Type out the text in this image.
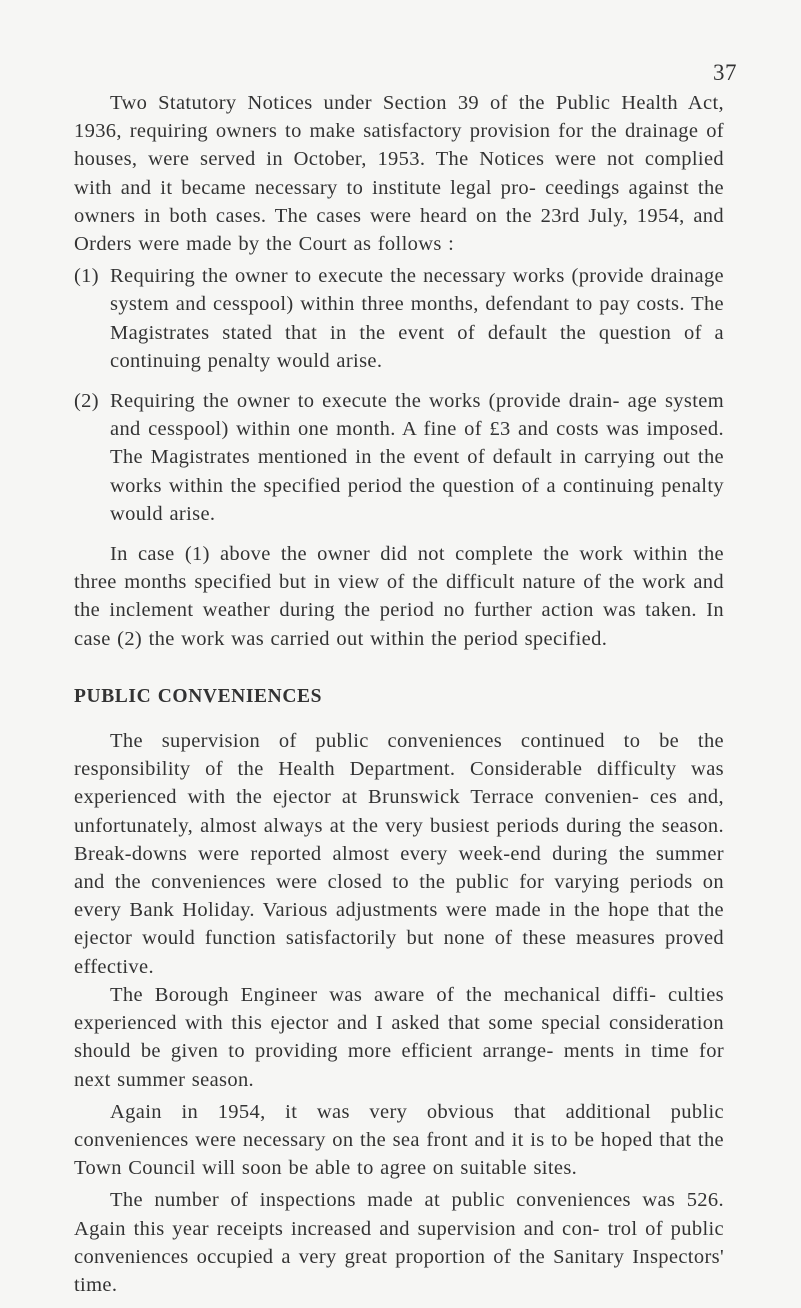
37

Two Statutory Notices under Section 39 of the Public Health Act, 1936, requiring owners to make satisfactory provision for the drainage of houses, were served in October, 1953. The Notices were not complied with and it became necessary to institute legal pro- ceedings against the owners in both cases. The cases were heard on the 23rd July, 1954, and Orders were made by the Court as follows :

(1) Requiring the owner to execute the necessary works (provide drainage system and cesspool) within three months, defendant to pay costs. The Magistrates stated that in the event of default the question of a continuing penalty would arise.

(2) Requiring the owner to execute the works (provide drain- age system and cesspool) within one month. A fine of £3 and costs was imposed. The Magistrates mentioned in the event of default in carrying out the works within the specified period the question of a continuing penalty would arise.

In case (1) above the owner did not complete the work within the three months specified but in view of the difficult nature of the work and the inclement weather during the period no further action was taken. In case (2) the work was carried out within the period specified.

PUBLIC CONVENIENCES

The supervision of public conveniences continued to be the responsibility of the Health Department. Considerable difficulty was experienced with the ejector at Brunswick Terrace convenien- ces and, unfortunately, almost always at the very busiest periods during the season. Break-downs were reported almost every week-end during the summer and the conveniences were closed to the public for varying periods on every Bank Holiday. Various adjustments were made in the hope that the ejector would function satisfactorily but none of these measures proved effective.

The Borough Engineer was aware of the mechanical diffi- culties experienced with this ejector and I asked that some special consideration should be given to providing more efficient arrange- ments in time for next summer season.

Again in 1954, it was very obvious that additional public conveniences were necessary on the sea front and it is to be hoped that the Town Council will soon be able to agree on suitable sites.

The number of inspections made at public conveniences was 526. Again this year receipts increased and supervision and con- trol of public conveniences occupied a very great proportion of the Sanitary Inspectors' time.
